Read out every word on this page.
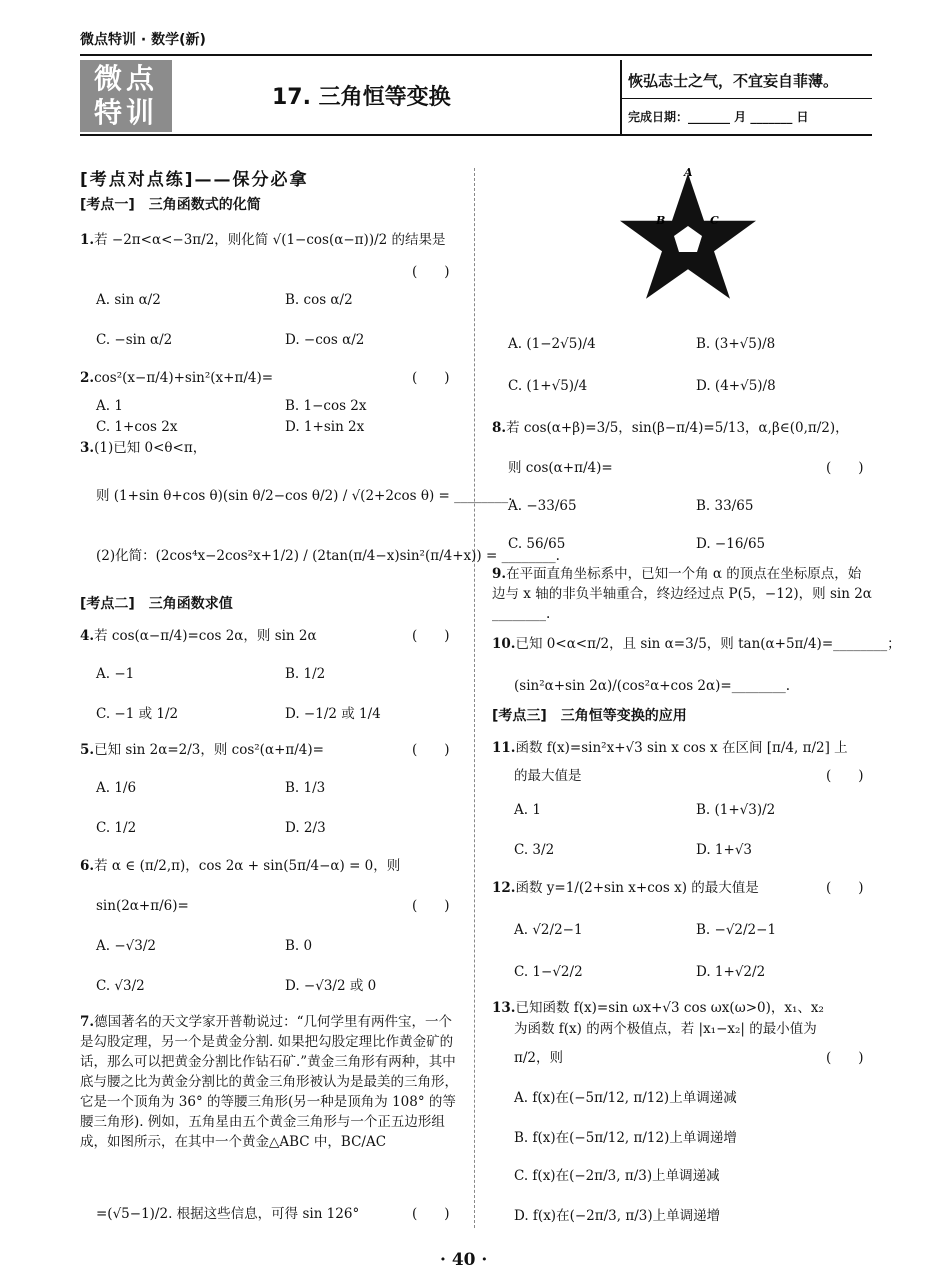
微点特训 · 数学(新)
微点
特训	17. 三角恒等变换
恢弘志士之气，不宜妄自菲薄。
完成日期：_______ 月 _______ 日
[考点对点练]——保分必拿
[考点一]　三角函数式的化简
1.若 −2π<α<−3π/2，则化简 √(1−cos(α−π))/2 的结果是
(　　)
A. sin α/2	B. cos α/2
C. −sin α/2	D. −cos α/2
2.cos²(x−π/4)+sin²(x+π/4)=	(　　)
A. 1	B. 1−cos 2x
C. 1+cos 2x	D. 1+sin 2x
3.(1)已知 0<θ<π，
则 (1+sin θ+cos θ)(sin θ/2−cos θ/2) / √(2+2cos θ) = ________.
(2)化简：(2cos⁴x−2cos²x+1/2) / (2tan(π/4−x)sin²(π/4+x)) = ________.
[考点二]　三角函数求值
4.若 cos(α−π/4)=cos 2α，则 sin 2α	(　　)
A. −1	B. 1/2
C. −1 或 1/2	D. −1/2 或 1/4
5.已知 sin 2α=2/3，则 cos²(α+π/4)=	(　　)
A. 1/6	B. 1/3
C. 1/2	D. 2/3
6.若 α ∈ (π/2,π)，cos 2α + sin(5π/4−α) = 0，则
sin(2α+π/6)=	(　　)
A. −√3/2	B. 0
C. √3/2	D. −√3/2 或 0
7.德国著名的天文学家开普勒说过：“几何学里有两件宝，一个是勾股定理，另一个是黄金分割. 如果把勾股定理比作黄金矿的话，那么可以把黄金分割比作钻石矿.”黄金三角形有两种，其中底与腰之比为黄金分割比的黄金三角形被认为是最美的三角形，它是一个顶角为 36° 的等腰三角形(另一种是顶角为 108° 的等腰三角形). 例如，五角星由五个黄金三角形与一个正五边形组成，如图所示，在其中一个黄金△ABC 中，BC/AC
=(√5−1)/2. 根据这些信息，可得 sin 126°	(　　)
A
B	C
A. (1−2√5)/4	B. (3+√5)/8
C. (1+√5)/4	D. (4+√5)/8
8.若 cos(α+β)=3/5，sin(β−π/4)=5/13，α,β∈(0,π/2)，
则 cos(α+π/4)=	(　　)
A. −33/65	B. 33/65
C. 56/65	D. −16/65
9.在平面直角坐标系中，已知一个角 α 的顶点在坐标原点，始边与 x 轴的非负半轴重合，终边经过点 P(5，−12)，则 sin 2α ________.
10.已知 0<α<π/2，且 sin α=3/5，则 tan(α+5π/4)=________；
(sin²α+sin 2α)/(cos²α+cos 2α)=________.
[考点三]　三角恒等变换的应用
11.函数 f(x)=sin²x+√3 sin x cos x 在区间 [π/4, π/2] 上
的最大值是	(　　)
A. 1	B. (1+√3)/2
C. 3/2	D. 1+√3
12.函数 y=1/(2+sin x+cos x) 的最大值是	(　　)
A. √2/2−1	B. −√2/2−1
C. 1−√2/2	D. 1+√2/2
13.已知函数 f(x)=sin ωx+√3 cos ωx(ω>0)，x₁、x₂
为函数 f(x) 的两个极值点，若 |x₁−x₂| 的最小值为
π/2，则	(　　)
A. f(x)在(−5π/12, π/12)上单调递减
B. f(x)在(−5π/12, π/12)上单调递增
C. f(x)在(−2π/3, π/3)上单调递减
D. f(x)在(−2π/3, π/3)上单调递增
· 40 ·
